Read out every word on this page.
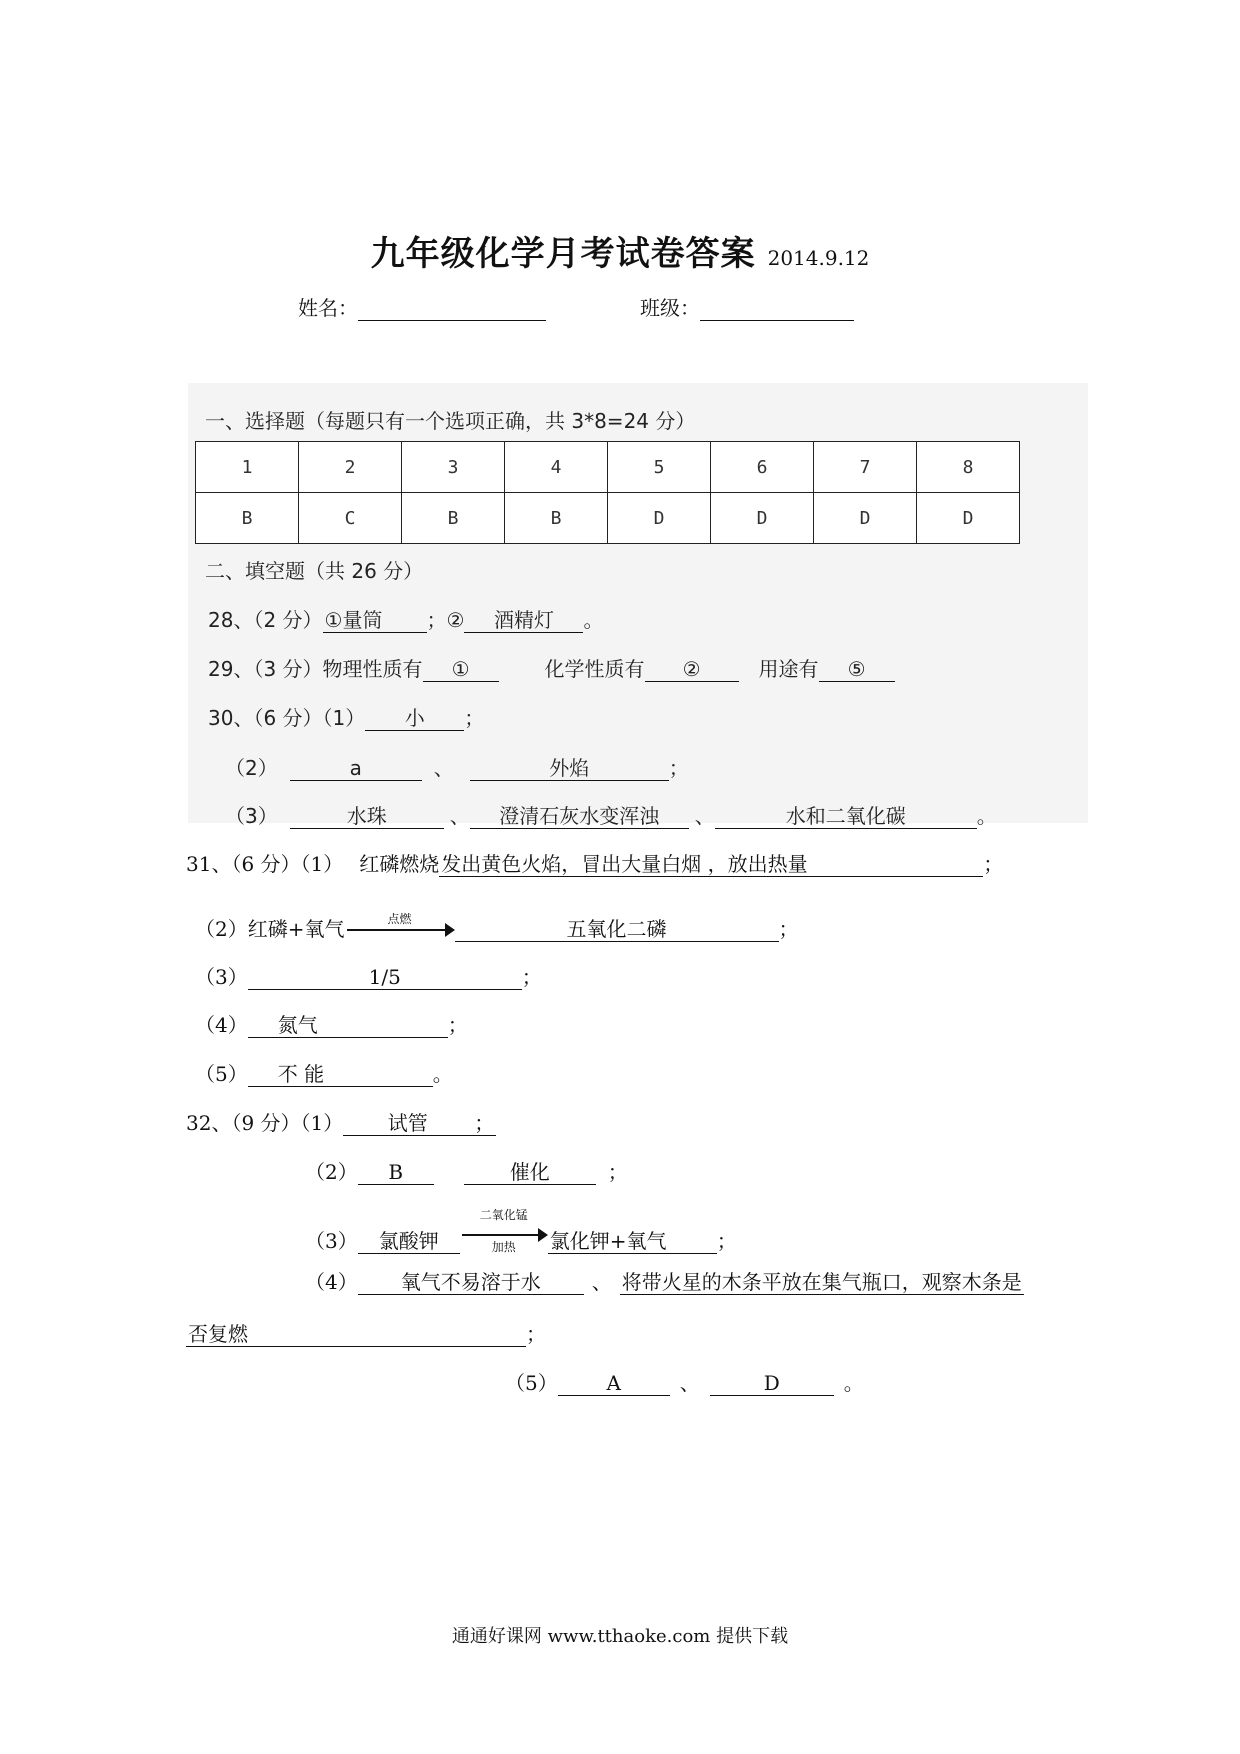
九年级化学月考试卷答案 2014.9.12
姓名：	班级：
一、选择题（每题只有一个选项正确，共 3*8=24 分）
1	2	3	4	5	6	7	8
B	C	B	B	D	D	D	D
二、填空题（共 26 分）
28、（2 分） ①量筒 ；② 酒精灯 。
29、（3 分）物理性质有 ①	化学性质有 ②	用途有 ⑤
30、（6 分）（1） 小 ；
（2）	a	、	外焰	；
（3）	水珠	、 澄清石灰水变浑浊 、	水和二氧化碳	。
31、（6 分）（1） 红磷燃烧 发出黄色火焰，冒出大量白烟 ，放出热量	；
（2）红磷+氧气	点燃	五氧化二磷	；
（3）	1/5	；
（4） 氮气	；
（5） 不 能	。
32、（9 分）（1） 试管 ；
（2） B	催化	；
（3） 氯酸钾
二氧化锰
加热	氯化钾+氧气	；
（4） 氧气不易溶于水	、 将带火星的木条平放在集气瓶口，观察木条是
否复燃	；
（5） A	、	D	。
通通好课网 www.tthaoke.com 提供下载
